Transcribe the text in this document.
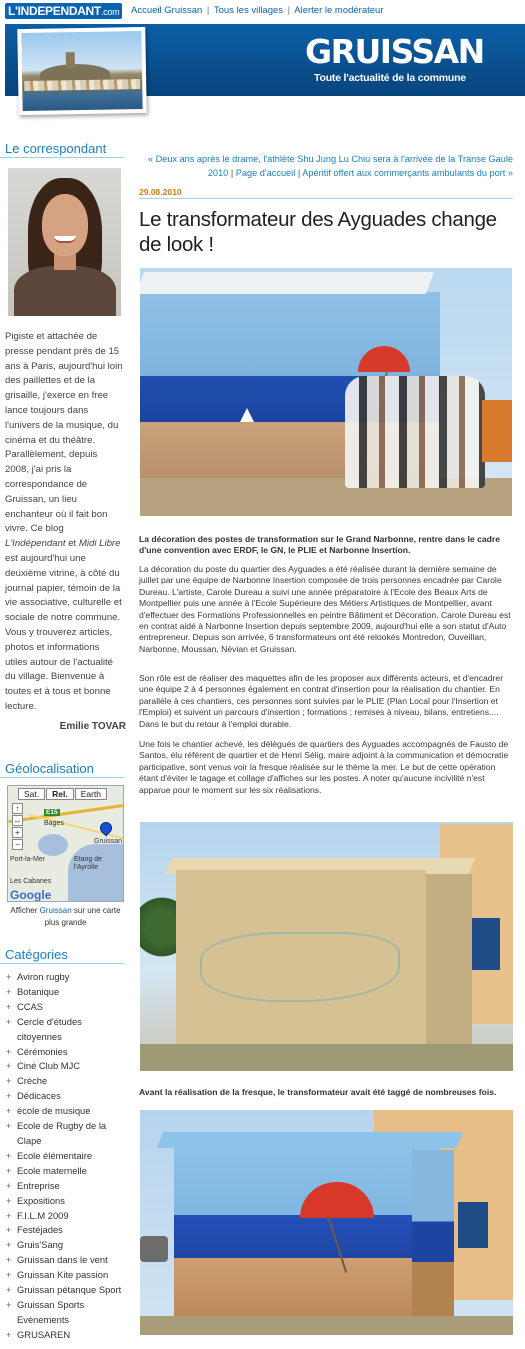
L'INDEPENDANT.com	Accueil Gruissan | Tous les villages | Alerter le modérateur
GRUISSAN
Toute l'actualité de la commune
Le correspondant
Pigiste et attachée de presse pendant près de 15 ans à Paris, aujourd'hui loin des paillettes et de la grisaille, j'exerce en free lance toujours dans l'univers de la musique, du cinéma et du théâtre. Parallèlement, depuis 2008, j'ai pris la correspondance de Gruissan, un lieu enchanteur où il fait bon vivre. Ce blog L'Indépendant et Midi Libre est aujourd'hui une deuxième vitrine, à côté du journal papier, témoin de la vie associative, culturelle et sociale de notre commune. Vous y trouverez articles, photos et informations utiles autour de l'actualité du village. Bienvenue à toutes et à tous et bonne lecture.
Emilie TOVAR
Géolocalisation
Sat.	Rel.	Earth
↑
↔
+
−
E15
Bages
Gruissan
Etang de l'Ayrolle
Port-la-Mer
Les Cabanes
Google
Afficher Gruissan sur une carte plus grande
Catégories
+ Aviron rugby
+ Botanique
+ CCAS
+ Cercle d'études citoyennes
+ Cérémonies
+ Ciné Club MJC
+ Crèche
+ Dédicaces
+ école de musique
+ Ecole de Rugby de la Clape
+ Ecole élémentaire
+ Ecole maternelle
+ Entreprise
+ Expositions
+ F.I.L.M 2009
+ Festéjades
+ Gruis'Sang
+ Gruissan dans le vent
+ Gruissan Kite passion
+ Gruissan pétanque Sport
+ Gruissan Sports Evènements
+ GRUSAREN
« Deux ans après le drame, l'athlète Shu Jung Lu Chiu sera à l'arrivée de la Transe Gaule 2010 | Page d'accueil | Apéritif offert aux commerçants ambulants du port »
29.08.2010
Le transformateur des Ayguades change de look !
La décoration des postes de transformation sur le Grand Narbonne, rentre dans le cadre d'une convention avec ERDF, le GN, le PLIE et Narbonne Insertion.
La décoration du poste du quartier des Ayguades a été réalisée durant la dernière semaine de juillet par une équipe de Narbonne Insertion composée de trois personnes encadrée par Carole Dureau. L'artiste, Carole Dureau a suivi une année préparatoire à l'Ecole des Beaux Arts de Montpellier puis une année à l'Ecole Supérieure des Métiers Artistiques de Montpellier, avant d'effectuer des Formations Professionnelles en peintre Bâtiment et Décoration. Carole Dureau est en contrat aidé à Narbonne Insertion depuis septembre 2009, aujourd'hui elle a son statut d'Auto entrepreneur. Depuis son arrivée, 6 transformateurs ont été relookés Montredon, Ouveillan, Narbonne, Moussan, Névian et Gruissan.
Son rôle est de réaliser des maquettes afin de les proposer aux différents acteurs, et d'encadrer une équipe 2 à 4 personnes également en contrat d'insertion pour la réalisation du chantier. En parallèle à ces chantiers, ces personnes sont suivies par le PLIE (Plan Local pour l'Insertion et l'Emploi) et suivent un parcours d'insertion ; formations ; remises à niveau, bilans, entretiens.... Dans le but du retour à l'emploi durable.
Une fois le chantier achevé, les délégués de quartiers des Ayguades accompagnés de Fausto de Santos, élu référent de quartier et de Henri Sélig, maire adjoint à la communication et démocratie participative, sont venus voir la fresque réalisée sur le thème la mer. Le but de cette opération étant d'éviter le tagage et collage d'affiches sur les postes. A noter qu'aucune incivilité n'est apparue pour le moment sur les six réalisations.
Avant la réalisation de la fresque, le transformateur avait été taggé de nombreuses fois.
